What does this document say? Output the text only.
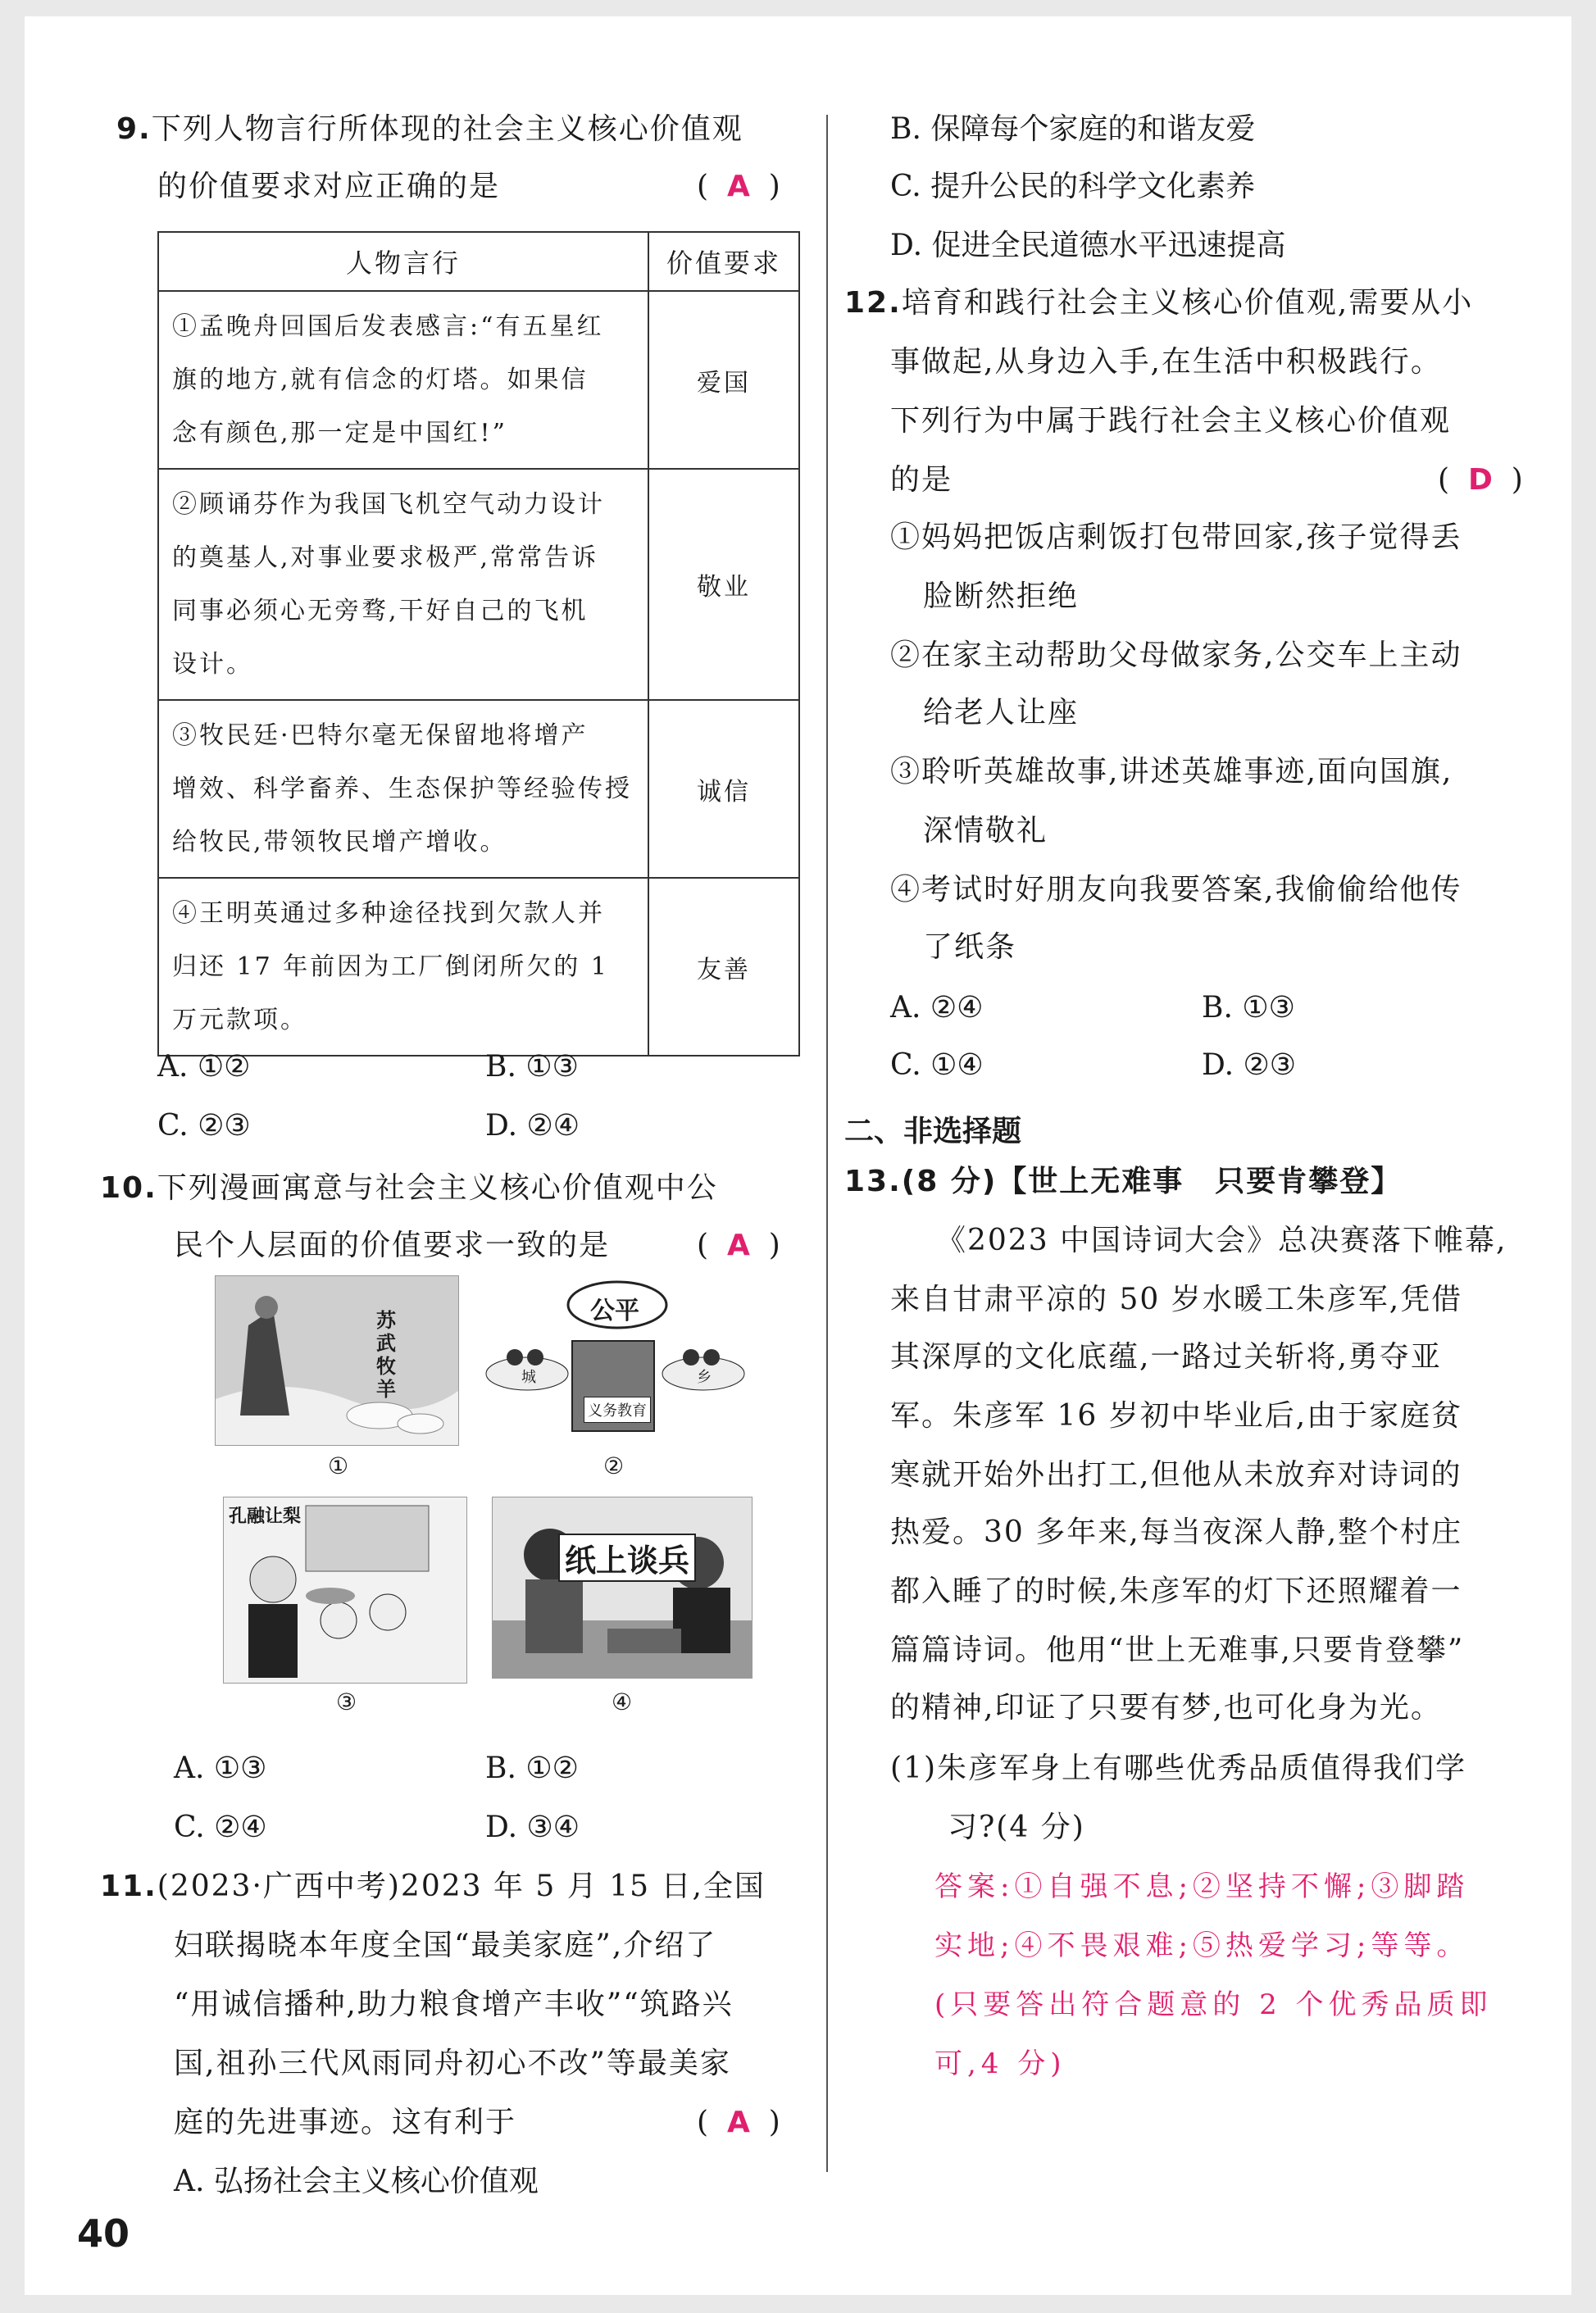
9.下列人物言行所体现的社会主义核心价值观
的价值要求对应正确的是	(  A  )
人物言行	价值要求
①孟晚舟回国后发表感言:“有五星红
旗的地方,就有信念的灯塔。如果信
念有颜色,那一定是中国红!”	爱国
②顾诵芬作为我国飞机空气动力设计
的奠基人,对事业要求极严,常常告诉
同事必须心无旁骛,干好自己的飞机
设计。	敬业
③牧民廷·巴特尔毫无保留地将增产
增效、科学畜养、生态保护等经验传授
给牧民,带领牧民增产增收。	诚信
④王明英通过多种途径找到欠款人并
归还 17 年前因为工厂倒闭所欠的 1
万元款项。	友善
A. ①②	B. ①③
C. ②③	D. ②④
10.下列漫画寓意与社会主义核心价值观中公
民个人层面的价值要求一致的是	(  A  )
苏武牧羊
①
公平
义务教育
城	乡
②
孔融让梨
③
纸上谈兵
④
A. ①③	B. ①②
C. ②④	D. ③④
11.(2023·广西中考)2023 年 5 月 15 日,全国
妇联揭晓本年度全国“最美家庭”,介绍了
“用诚信播种,助力粮食增产丰收”“筑路兴
国,祖孙三代风雨同舟初心不改”等最美家
庭的先进事迹。这有利于	(  A  )
A. 弘扬社会主义核心价值观
B. 保障每个家庭的和谐友爱
C. 提升公民的科学文化素养
D. 促进全民道德水平迅速提高
12.培育和践行社会主义核心价值观,需要从小
事做起,从身边入手,在生活中积极践行。
下列行为中属于践行社会主义核心价值观
的是	(  D  )
①妈妈把饭店剩饭打包带回家,孩子觉得丢
脸断然拒绝
②在家主动帮助父母做家务,公交车上主动
给老人让座
③聆听英雄故事,讲述英雄事迹,面向国旗,
深情敬礼
④考试时好朋友向我要答案,我偷偷给他传
了纸条
A. ②④	B. ①③
C. ①④	D. ②③
二、非选择题
13.(8 分)【世上无难事　只要肯攀登】
《2023 中国诗词大会》总决赛落下帷幕,
来自甘肃平凉的 50 岁水暖工朱彦军,凭借
其深厚的文化底蕴,一路过关斩将,勇夺亚
军。朱彦军 16 岁初中毕业后,由于家庭贫
寒就开始外出打工,但他从未放弃对诗词的
热爱。30 多年来,每当夜深人静,整个村庄
都入睡了的时候,朱彦军的灯下还照耀着一
篇篇诗词。他用“世上无难事,只要肯登攀”
的精神,印证了只要有梦,也可化身为光。
(1)朱彦军身上有哪些优秀品质值得我们学
习?(4 分)
答案:①自强不息;②坚持不懈;③脚踏
实地;④不畏艰难;⑤热爱学习;等等。
(只要答出符合题意的 2 个优秀品质即
可,4 分)
40
